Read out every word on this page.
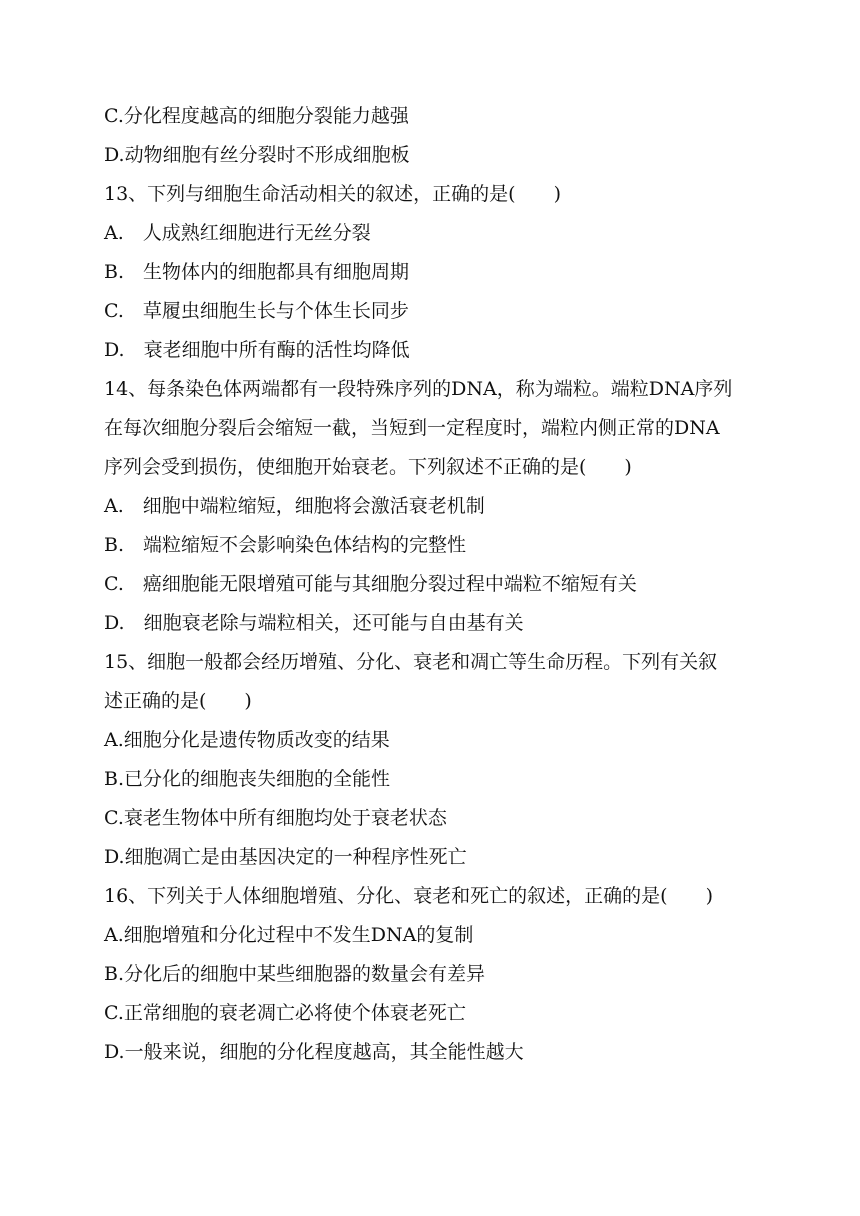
C.分化程度越高的细胞分裂能力越强
D.动物细胞有丝分裂时不形成细胞板
13、下列与细胞生命活动相关的叙述，正确的是(　　)
A.　人成熟红细胞进行无丝分裂
B.　生物体内的细胞都具有细胞周期
C.　草履虫细胞生长与个体生长同步
D.　衰老细胞中所有酶的活性均降低
14、每条染色体两端都有一段特殊序列的DNA，称为端粒。端粒DNA序列
在每次细胞分裂后会缩短一截，当短到一定程度时，端粒内侧正常的DNA
序列会受到损伤，使细胞开始衰老。下列叙述不正确的是(　　)
A.　细胞中端粒缩短，细胞将会激活衰老机制
B.　端粒缩短不会影响染色体结构的完整性
C.　癌细胞能无限增殖可能与其细胞分裂过程中端粒不缩短有关
D.　细胞衰老除与端粒相关，还可能与自由基有关
15、细胞一般都会经历增殖、分化、衰老和凋亡等生命历程。下列有关叙
述正确的是(　　)
A.细胞分化是遗传物质改变的结果
B.已分化的细胞丧失细胞的全能性
C.衰老生物体中所有细胞均处于衰老状态
D.细胞凋亡是由基因决定的一种程序性死亡
16、下列关于人体细胞增殖、分化、衰老和死亡的叙述，正确的是(　　)
A.细胞增殖和分化过程中不发生DNA的复制
B.分化后的细胞中某些细胞器的数量会有差异
C.正常细胞的衰老凋亡必将使个体衰老死亡
D.一般来说，细胞的分化程度越高，其全能性越大
